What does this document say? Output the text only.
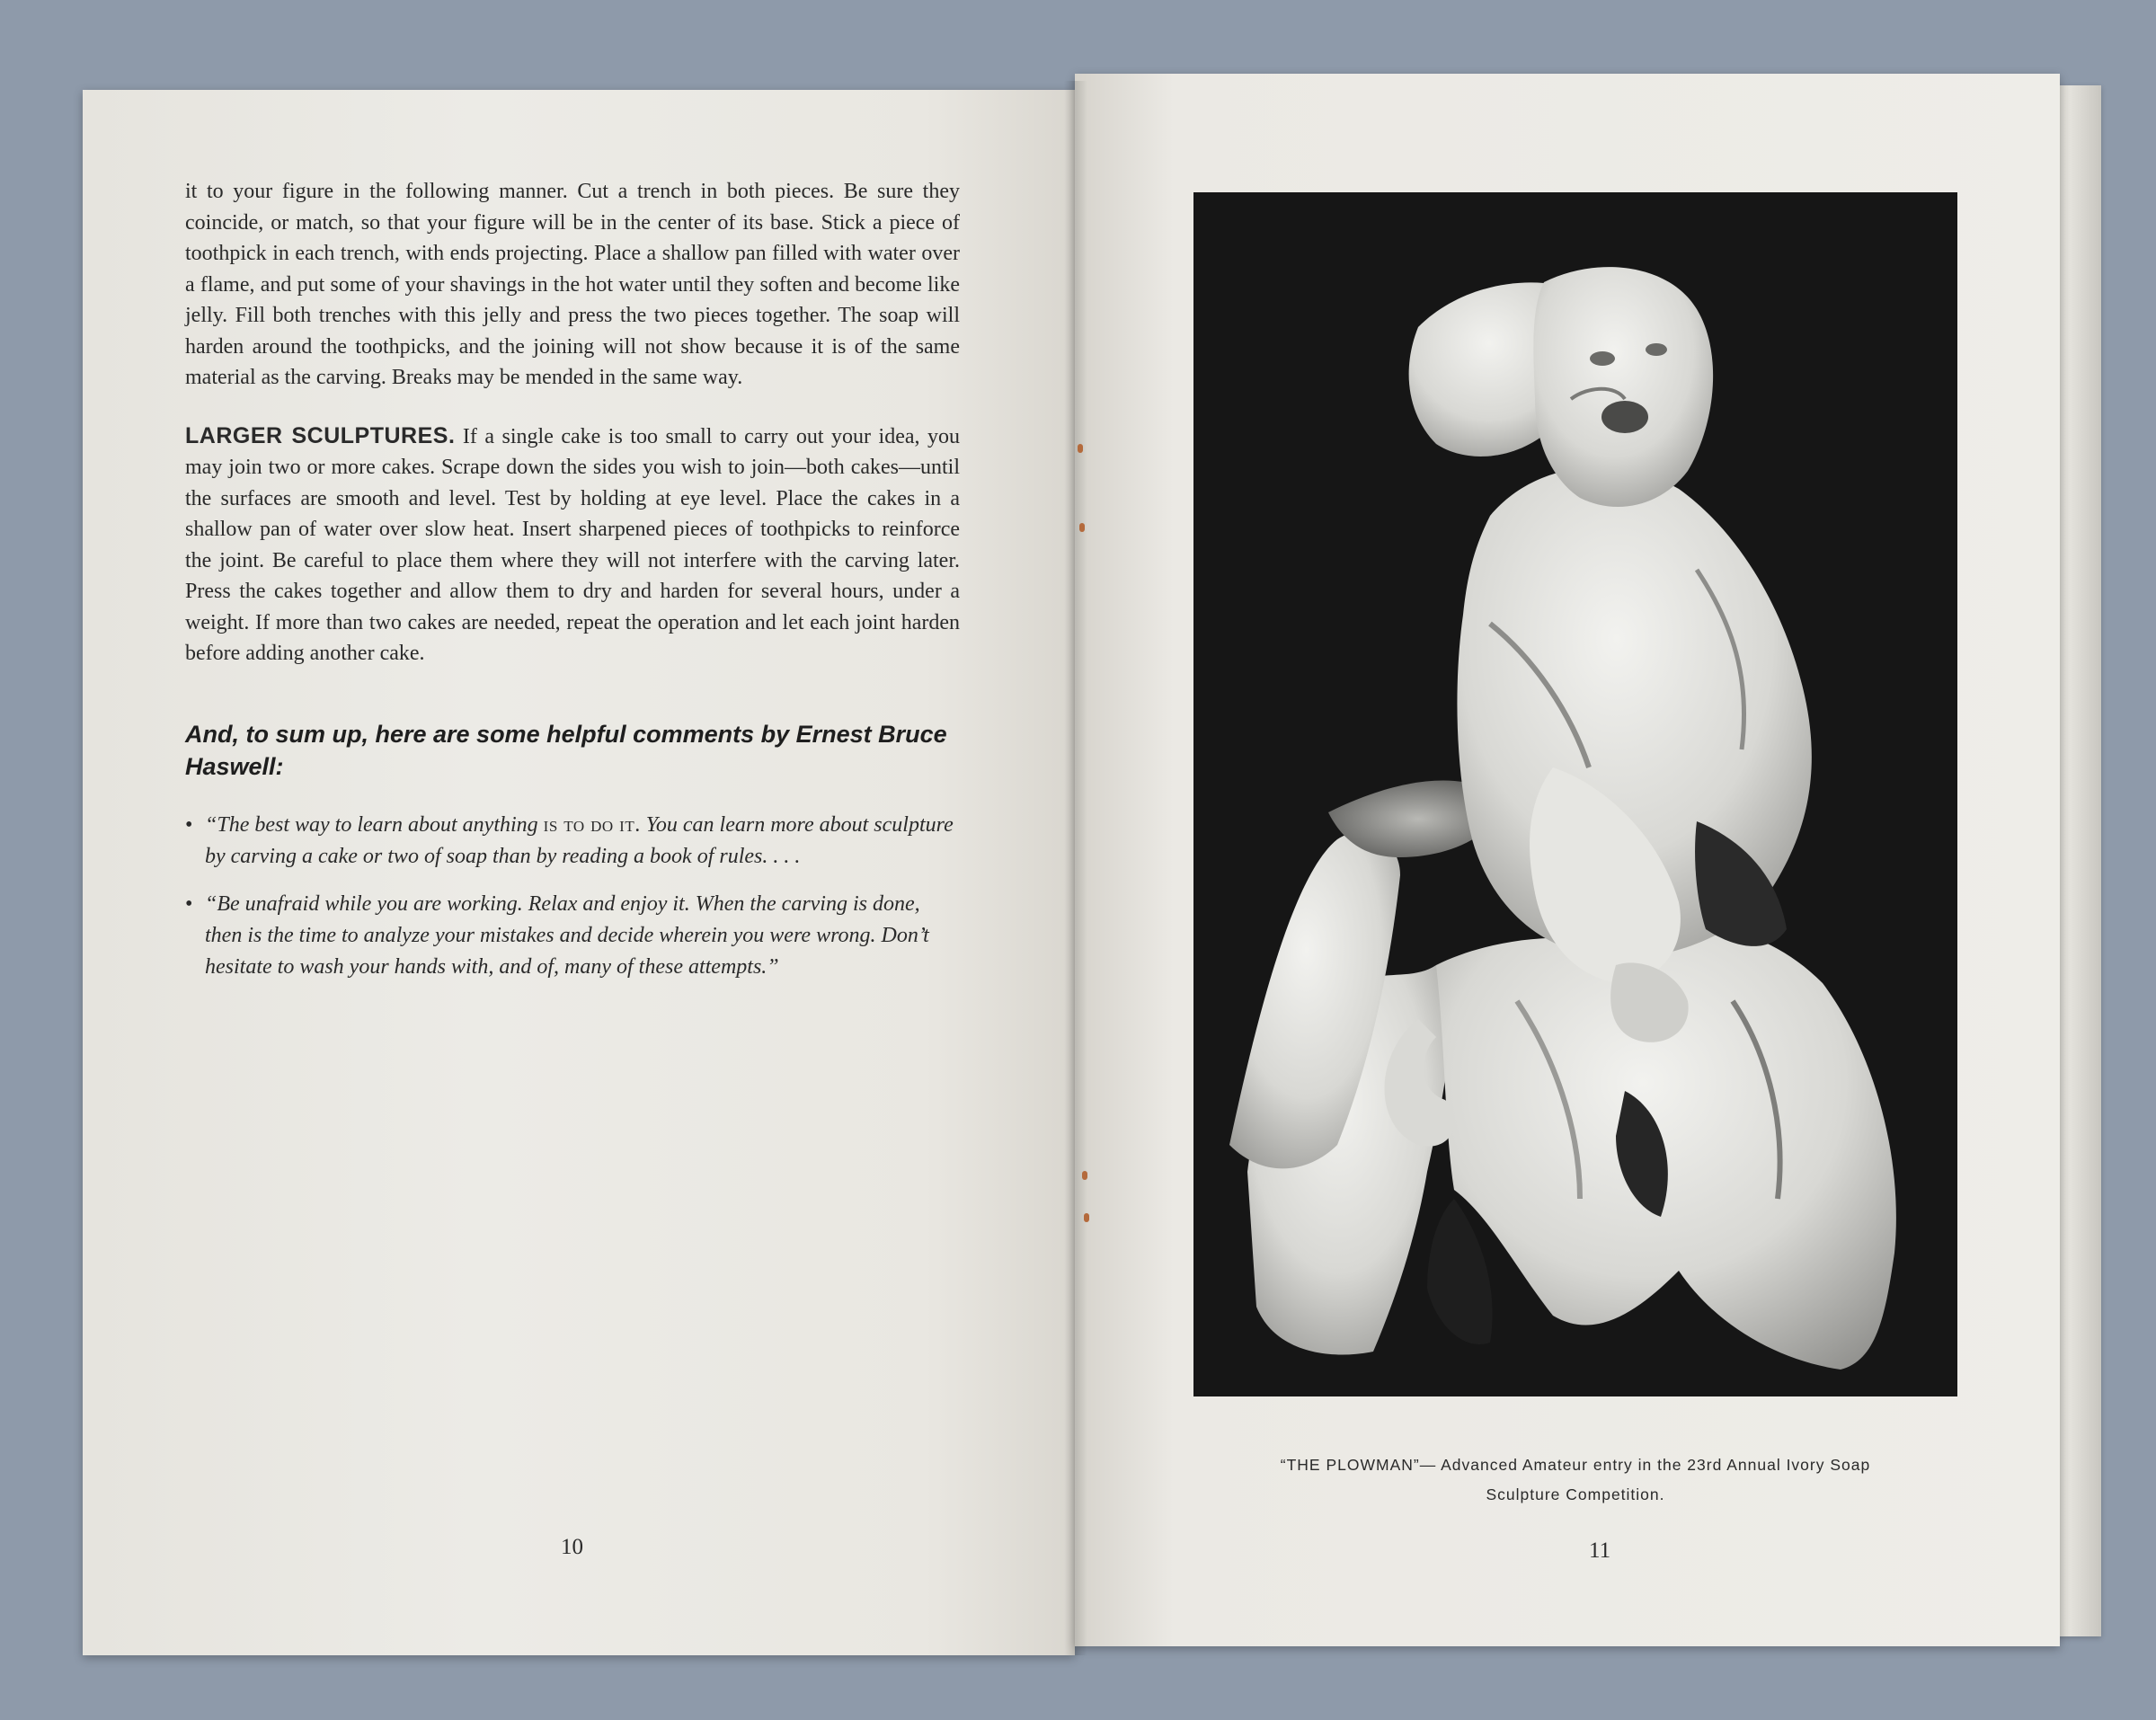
it to your figure in the following manner. Cut a trench in both pieces. Be sure they coincide, or match, so that your figure will be in the center of its base. Stick a piece of toothpick in each trench, with ends projecting. Place a shallow pan filled with water over a flame, and put some of your shavings in the hot water until they soften and become like jelly. Fill both trenches with this jelly and press the two pieces together. The soap will harden around the toothpicks, and the joining will not show because it is of the same material as the carving. Breaks may be mended in the same way.

LARGER SCULPTURES. If a single cake is too small to carry out your idea, you may join two or more cakes. Scrape down the sides you wish to join—both cakes—until the surfaces are smooth and level. Test by holding at eye level. Place the cakes in a shallow pan of water over slow heat. Insert sharpened pieces of toothpicks to reinforce the joint. Be careful to place them where they will not interfere with the carving later. Press the cakes together and allow them to dry and harden for several hours, under a weight. If more than two cakes are needed, repeat the operation and let each joint harden before adding another cake.

And, to sum up, here are some helpful comments by Ernest Bruce Haswell:
• “The best way to learn about anything is to do it. You can learn more about sculpture by carving a cake or two of soap than by reading a book of rules. . . .
• “Be unafraid while you are working. Relax and enjoy it. When the carving is done, then is the time to analyze your mistakes and decide wherein you were wrong. Don’t hesitate to wash your hands with, and of, many of these attempts.”
10
“THE PLOWMAN”— Advanced Amateur entry in the 23rd Annual Ivory Soap
Sculpture Competition.
11
